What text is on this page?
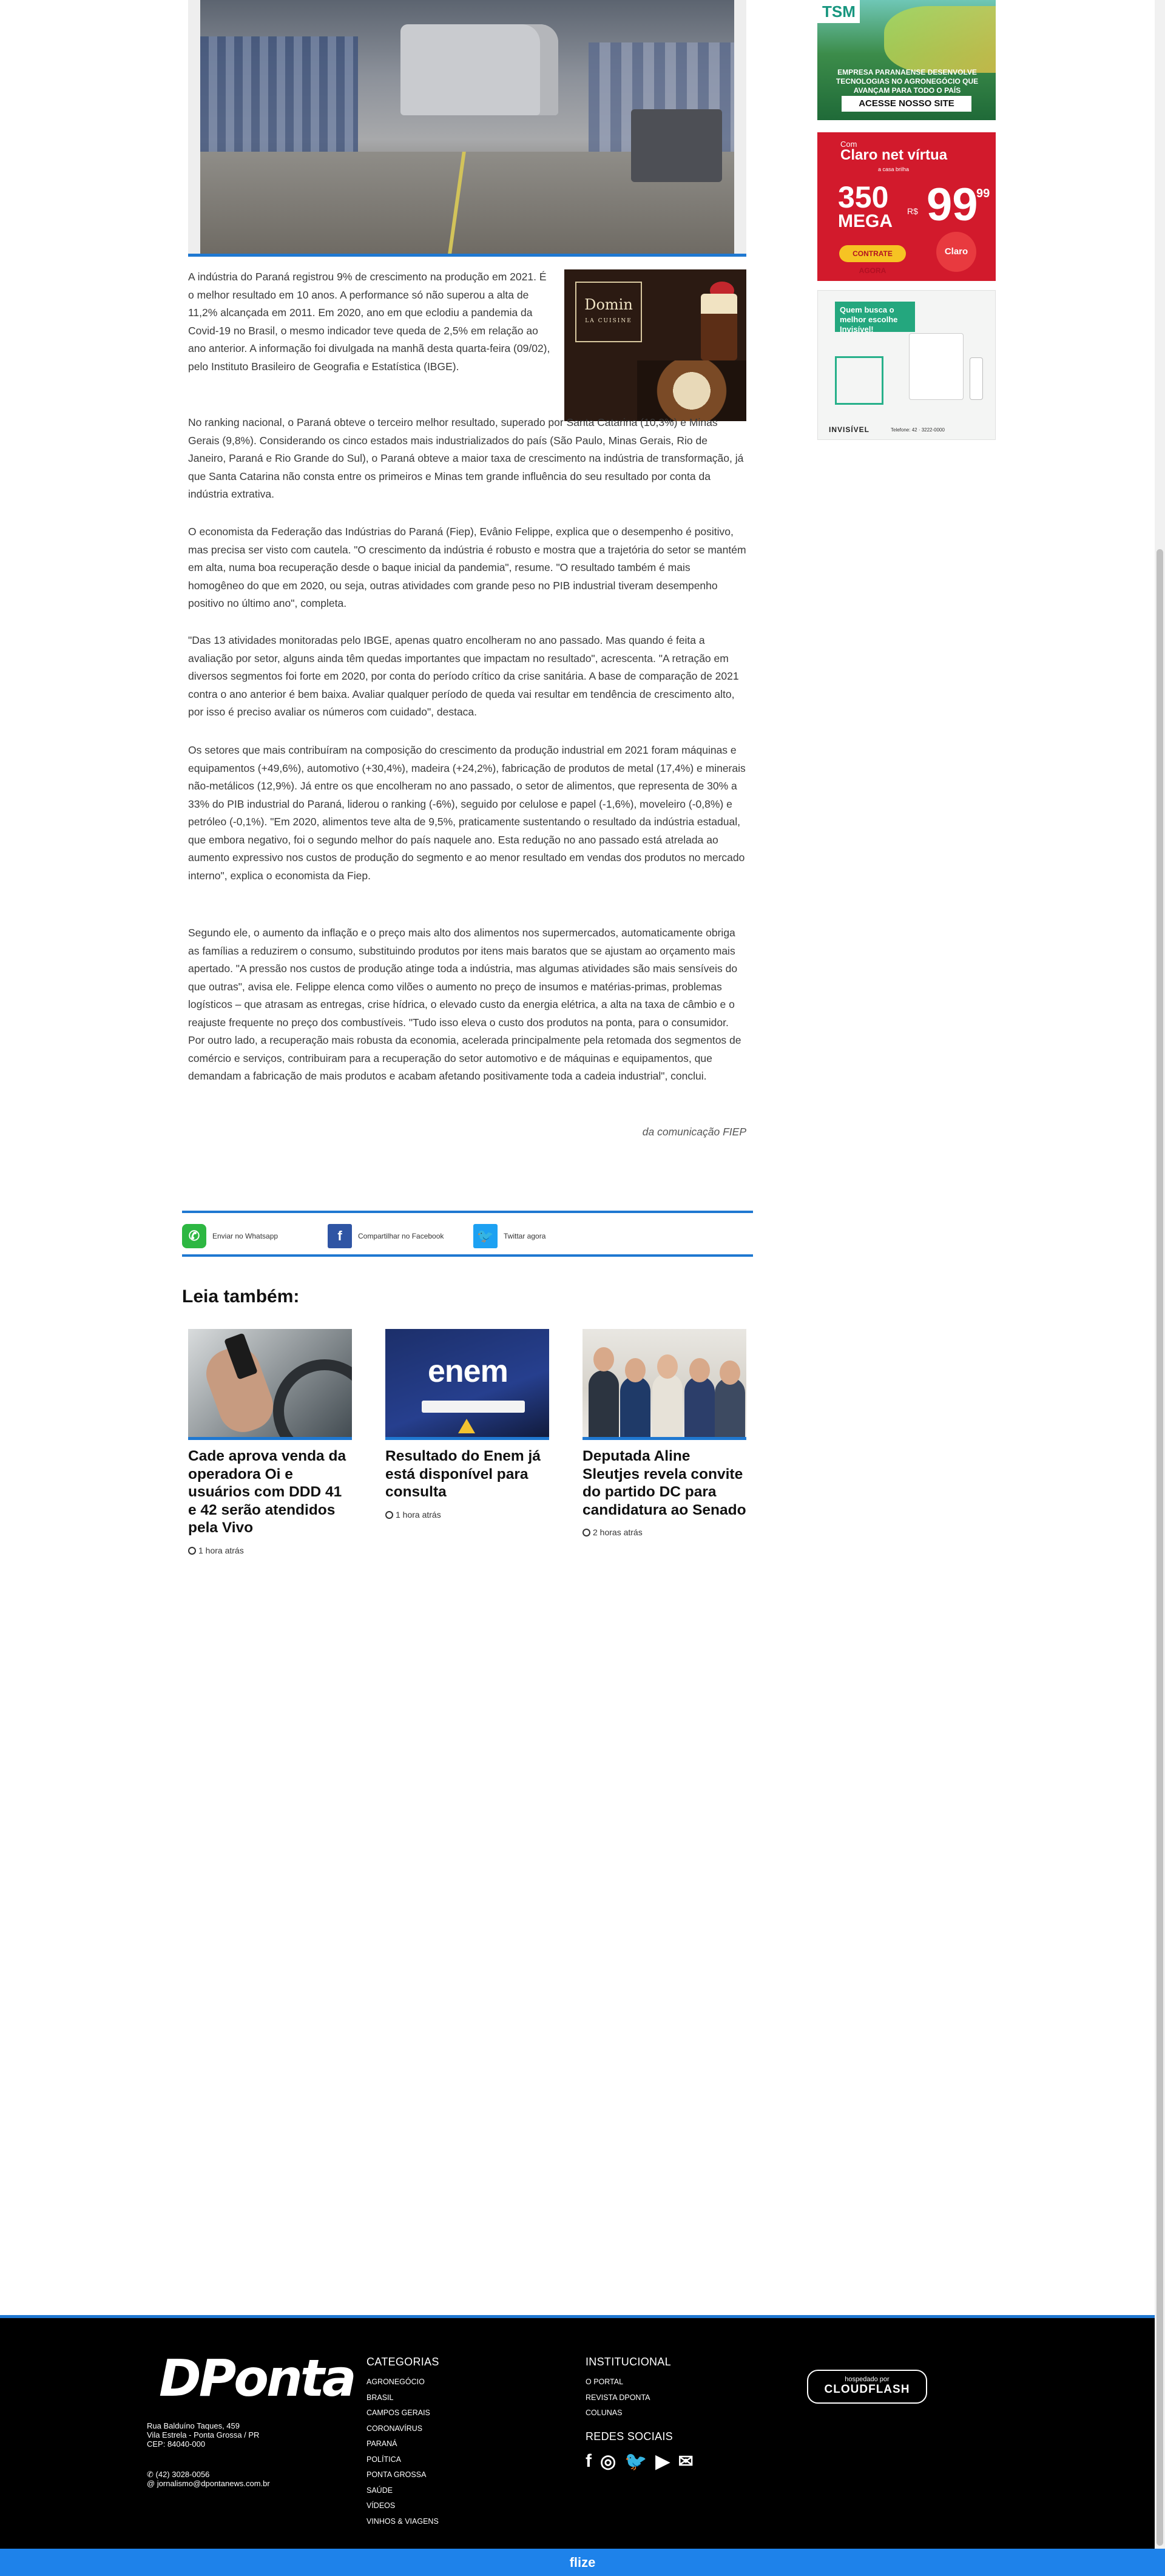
Domin
LA CUISINE

A indústria do Paraná registrou 9% de crescimento na produção em 2021. É o melhor resultado em 10 anos. A performance só não superou a alta de 11,2% alcançada em 2011. Em 2020, ano em que eclodiu a pandemia da Covid-19 no Brasil, o mesmo indicador teve queda de 2,5% em relação ao ano anterior. A informação foi divulgada na manhã desta quarta-feira (09/02), pelo Instituto Brasileiro de Geografia e Estatística (IBGE).

No ranking nacional, o Paraná obteve o terceiro melhor resultado, superado por Santa Catarina (10,3%) e Minas Gerais (9,8%). Considerando os cinco estados mais industrializados do país (São Paulo, Minas Gerais, Rio de Janeiro, Paraná e Rio Grande do Sul), o Paraná obteve a maior taxa de crescimento na indústria de transformação, já que Santa Catarina não consta entre os primeiros e Minas tem grande influência do seu resultado por conta da indústria extrativa.

O economista da Federação das Indústrias do Paraná (Fiep), Evânio Felippe, explica que o desempenho é positivo, mas precisa ser visto com cautela. "O crescimento da indústria é robusto e mostra que a trajetória do setor se mantém em alta, numa boa recuperação desde o baque inicial da pandemia", resume. "O resultado também é mais homogêneo do que em 2020, ou seja, outras atividades com grande peso no PIB industrial tiveram desempenho positivo no último ano", completa.

"Das 13 atividades monitoradas pelo IBGE, apenas quatro encolheram no ano passado. Mas quando é feita a avaliação por setor, alguns ainda têm quedas importantes que impactam no resultado", acrescenta. "A retração em diversos segmentos foi forte em 2020, por conta do período crítico da crise sanitária. A base de comparação de 2021 contra o ano anterior é bem baixa. Avaliar qualquer período de queda vai resultar em tendência de crescimento alto, por isso é preciso avaliar os números com cuidado", destaca.

Os setores que mais contribuíram na composição do crescimento da produção industrial em 2021 foram máquinas e equipamentos (+49,6%), automotivo (+30,4%), madeira (+24,2%), fabricação de produtos de metal (17,4%) e minerais não-metálicos (12,9%). Já entre os que encolheram no ano passado, o setor de alimentos, que representa de 30% a 33% do PIB industrial do Paraná, liderou o ranking (-6%), seguido por celulose e papel (-1,6%), moveleiro (-0,8%) e petróleo (-0,1%). "Em 2020, alimentos teve alta de 9,5%, praticamente sustentando o resultado da indústria estadual, que embora negativo, foi o segundo melhor do país naquele ano. Esta redução no ano passado está atrelada ao aumento expressivo nos custos de produção do segmento e ao menor resultado em vendas dos produtos no mercado interno", explica o economista da Fiep.

Segundo ele, o aumento da inflação e o preço mais alto dos alimentos nos supermercados, automaticamente obriga as famílias a reduzirem o consumo, substituindo produtos por itens mais baratos que se ajustam ao orçamento mais apertado. "A pressão nos custos de produção atinge toda a indústria, mas algumas atividades são mais sensíveis do que outras", avisa ele. Felippe elenca como vilões o aumento no preço de insumos e matérias-primas, problemas logísticos – que atrasam as entregas, crise hídrica, o elevado custo da energia elétrica, a alta na taxa de câmbio e o reajuste frequente no preço dos combustíveis. "Tudo isso eleva o custo dos produtos na ponta, para o consumidor. Por outro lado, a recuperação mais robusta da economia, acelerada principalmente pela retomada dos segmentos de comércio e serviços, contribuiram para a recuperação do setor automotivo e de máquinas e equipamentos, que demandam a fabricação de mais produtos e acabam afetando positivamente toda a cadeia industrial", conclui.

da comunicação FIEP
TSM
EMPRESA PARANAENSE DESENVOLVE TECNOLOGIAS NO AGRONEGÓCIO QUE AVANÇAM PARA TODO O PAÍS
ACESSE NOSSO SITE
Com
Claro net vírtua
a casa brilha
350
MEGA R$ 99
99
CONTRATE AGORA
Claro
Quem busca o melhor escolhe Invisível!
INVISÍVEL	Telefone: 42 · 3222-0000
✆	Enviar no Whatsapp	f	Compartilhar no Facebook 🐦	Twittar agora
Leia também:
Cade aprova venda da operadora Oi e usuários com DDD 41 e 42 serão atendidos pela Vivo
1 hora atrás
enem
Resultado do Enem já está disponível para consulta
1 hora atrás
Deputada Aline Sleutjes revela convite do partido DC para candidatura ao Senado
2 horas atrás
DPonta
Rua Balduíno Taques, 459
Vila Estrela - Ponta Grossa / PR
CEP: 84040-000
✆ (42) 3028-0056
@ jornalismo@dpontanews.com.br
CATEGORIAS
AGRONEGÓCIO
BRASIL
CAMPOS GERAIS
CORONAVÍRUS
PARANÁ
POLÍTICA
PONTA GROSSA
SAÚDE
VÍDEOS
VINHOS & VIAGENS
INSTITUCIONAL
O PORTAL
REVISTA DPONTA
COLUNAS
REDES SOCIAIS
f ◎ 🐦 ▶ ✉
hospedado por
CLOUDFLASH
flize
